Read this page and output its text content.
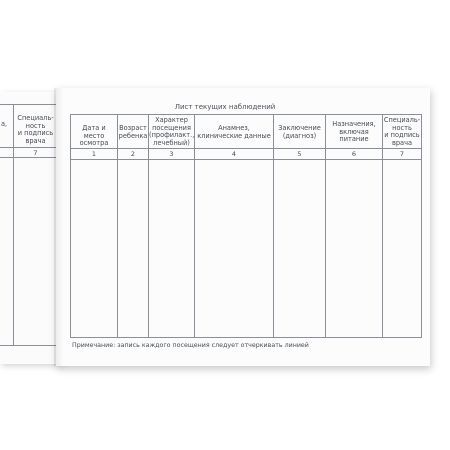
а,
Специаль-
ность
и подпись
врача
7
Лист текущих наблюдений
Дата и место
осмотра
1
Возраст
ребенка
2
Характер
посещения
(профилакт.,
лечебный)
3
Анамнез,
клинические данные
4
Заключение
(диагноз)
5
Назначения,
включая
питание
6
Специаль-
ность
и подпись
врача
7
Примечание: запись каждого посещения следует отчеркивать линией
